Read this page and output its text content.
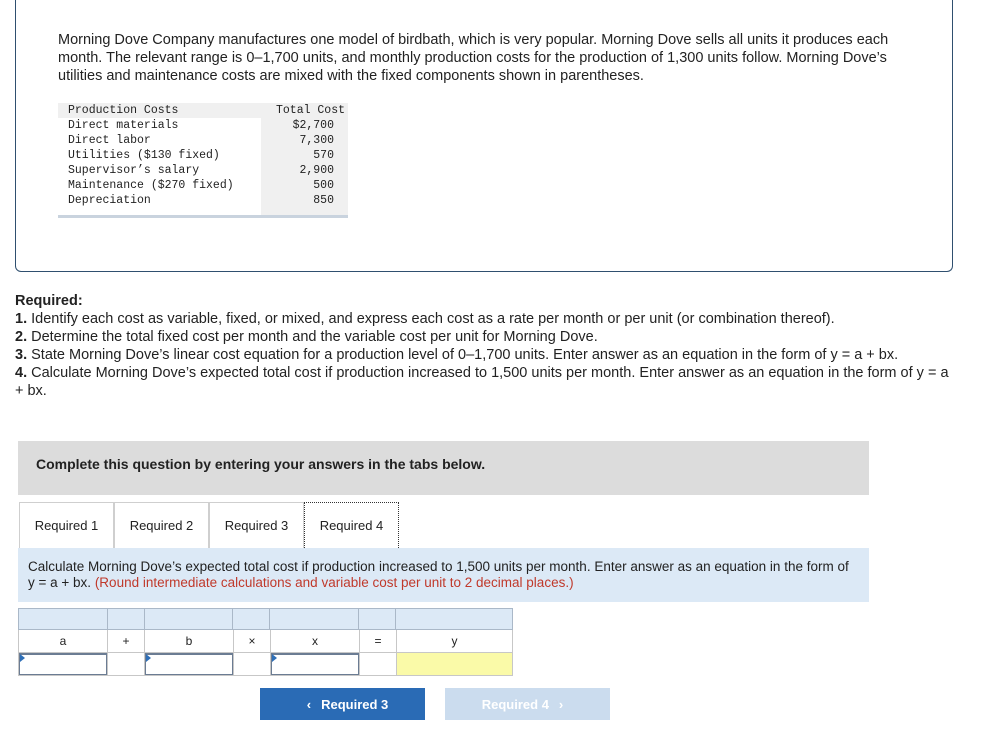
Morning Dove Company manufactures one model of birdbath, which is very popular. Morning Dove sells all units it produces each month. The relevant range is 0–1,700 units, and monthly production costs for the production of 1,300 units follow. Morning Dove’s utilities and maintenance costs are mixed with the fixed components shown in parentheses.
Production Costs	Total Cost
Direct materials	$2,700
Direct labor	7,300
Utilities ($130 fixed)	570
Supervisor’s salary	2,900
Maintenance ($270 fixed)	500
Depreciation	850
Required:
1. Identify each cost as variable, fixed, or mixed, and express each cost as a rate per month or per unit (or combination thereof).
2. Determine the total fixed cost per month and the variable cost per unit for Morning Dove.
3. State Morning Dove’s linear cost equation for a production level of 0–1,700 units. Enter answer as an equation in the form of y = a + bx.
4. Calculate Morning Dove’s expected total cost if production increased to 1,500 units per month. Enter answer as an equation in the form of y = a + bx.
Complete this question by entering your answers in the tabs below.
Required 1	Required 2	Required 3	Required 4
Calculate Morning Dove’s expected total cost if production increased to 1,500 units per month. Enter answer as an equation in the form of y = a + bx. (Round intermediate calculations and variable cost per unit to 2 decimal places.)
a	+	b	×	x	=	y
‹ Required 3	Required 4 ›
